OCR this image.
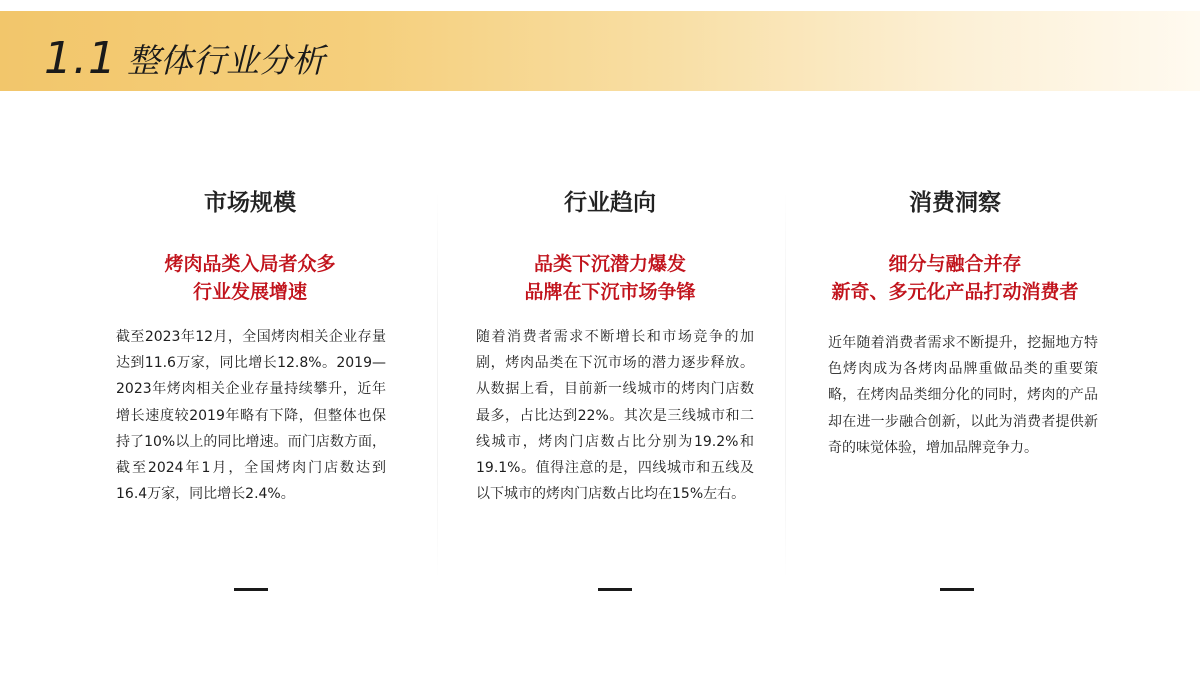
1.1 整体行业分析
市场规模
烤肉品类入局者众多
行业发展增速
截至2023年12月，全国烤肉相关企业存量达到11.6万家，同比增长12.8%。2019—2023年烤肉相关企业存量持续攀升，近年增长速度较2019年略有下降，但整体也保持了10%以上的同比增速。而门店数方面，截至2024年1月，全国烤肉门店数达到16.4万家，同比增长2.4%。
行业趋向
品类下沉潜力爆发
品牌在下沉市场争锋
随着消费者需求不断增长和市场竞争的加剧，烤肉品类在下沉市场的潜力逐步释放。从数据上看，目前新一线城市的烤肉门店数最多，占比达到22%。其次是三线城市和二线城市，烤肉门店数占比分别为19.2%和19.1%。值得注意的是，四线城市和五线及以下城市的烤肉门店数占比均在15%左右。
消费洞察
细分与融合并存
新奇、多元化产品打动消费者
近年随着消费者需求不断提升，挖掘地方特色烤肉成为各烤肉品牌重做品类的重要策略，在烤肉品类细分化的同时，烤肉的产品却在进一步融合创新，以此为消费者提供新奇的味觉体验，增加品牌竞争力。
